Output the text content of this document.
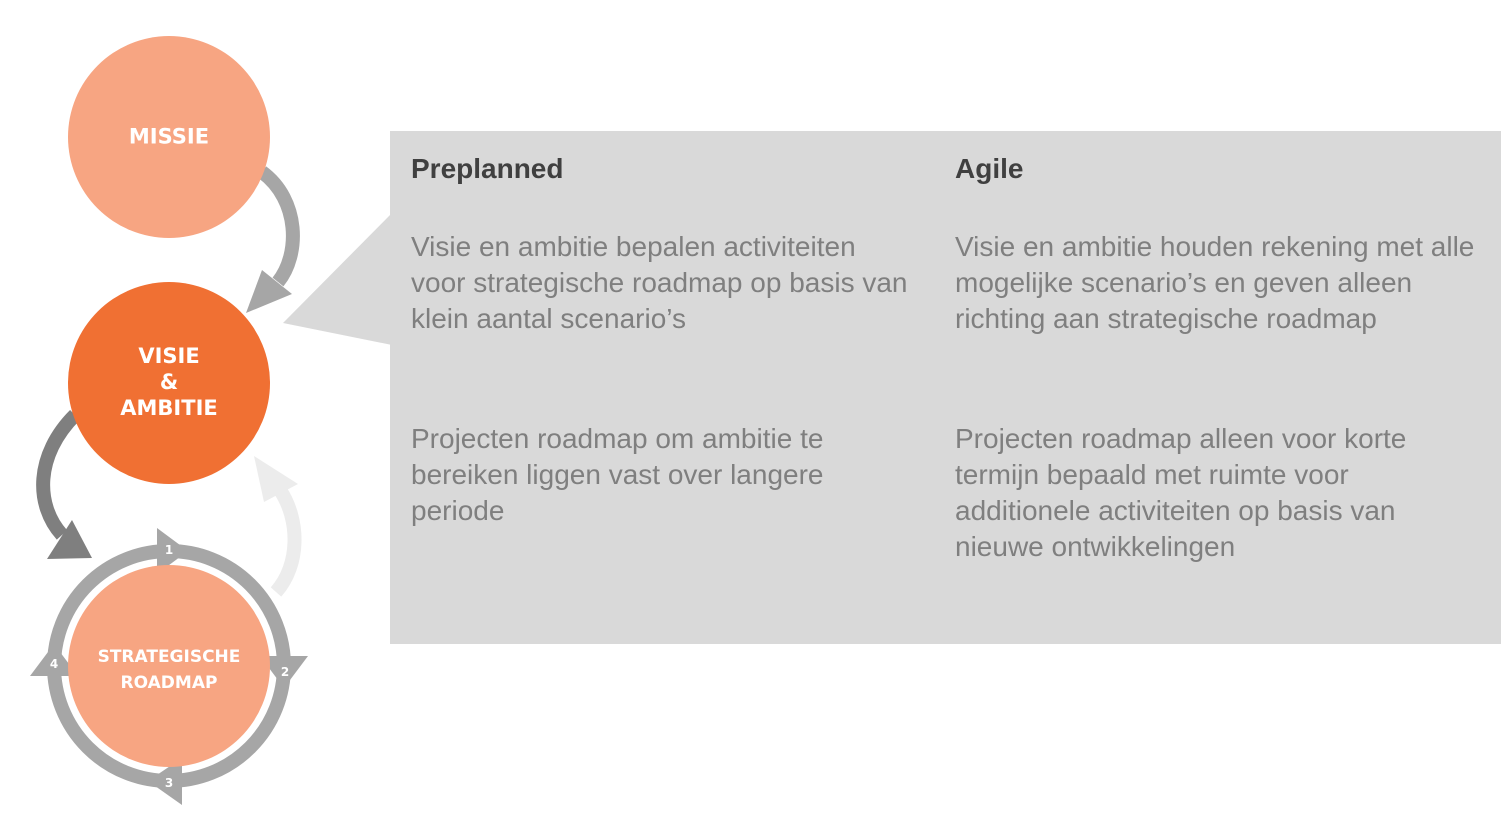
MISSIE
VISIE
&
AMBITIE
STRATEGISCHE
ROADMAP
1
2
3
4
Preplanned
Visie en ambitie bepalen activiteiten voor strategische roadmap op basis van klein aantal scenario’s
Projecten roadmap om ambitie te bereiken liggen vast over langere periode
Agile
Visie en ambitie houden rekening met alle mogelijke scenario’s en geven alleen richting aan strategische roadmap
Projecten roadmap alleen voor korte termijn bepaald met ruimte voor additionele activiteiten op basis van nieuwe ontwikkelingen
